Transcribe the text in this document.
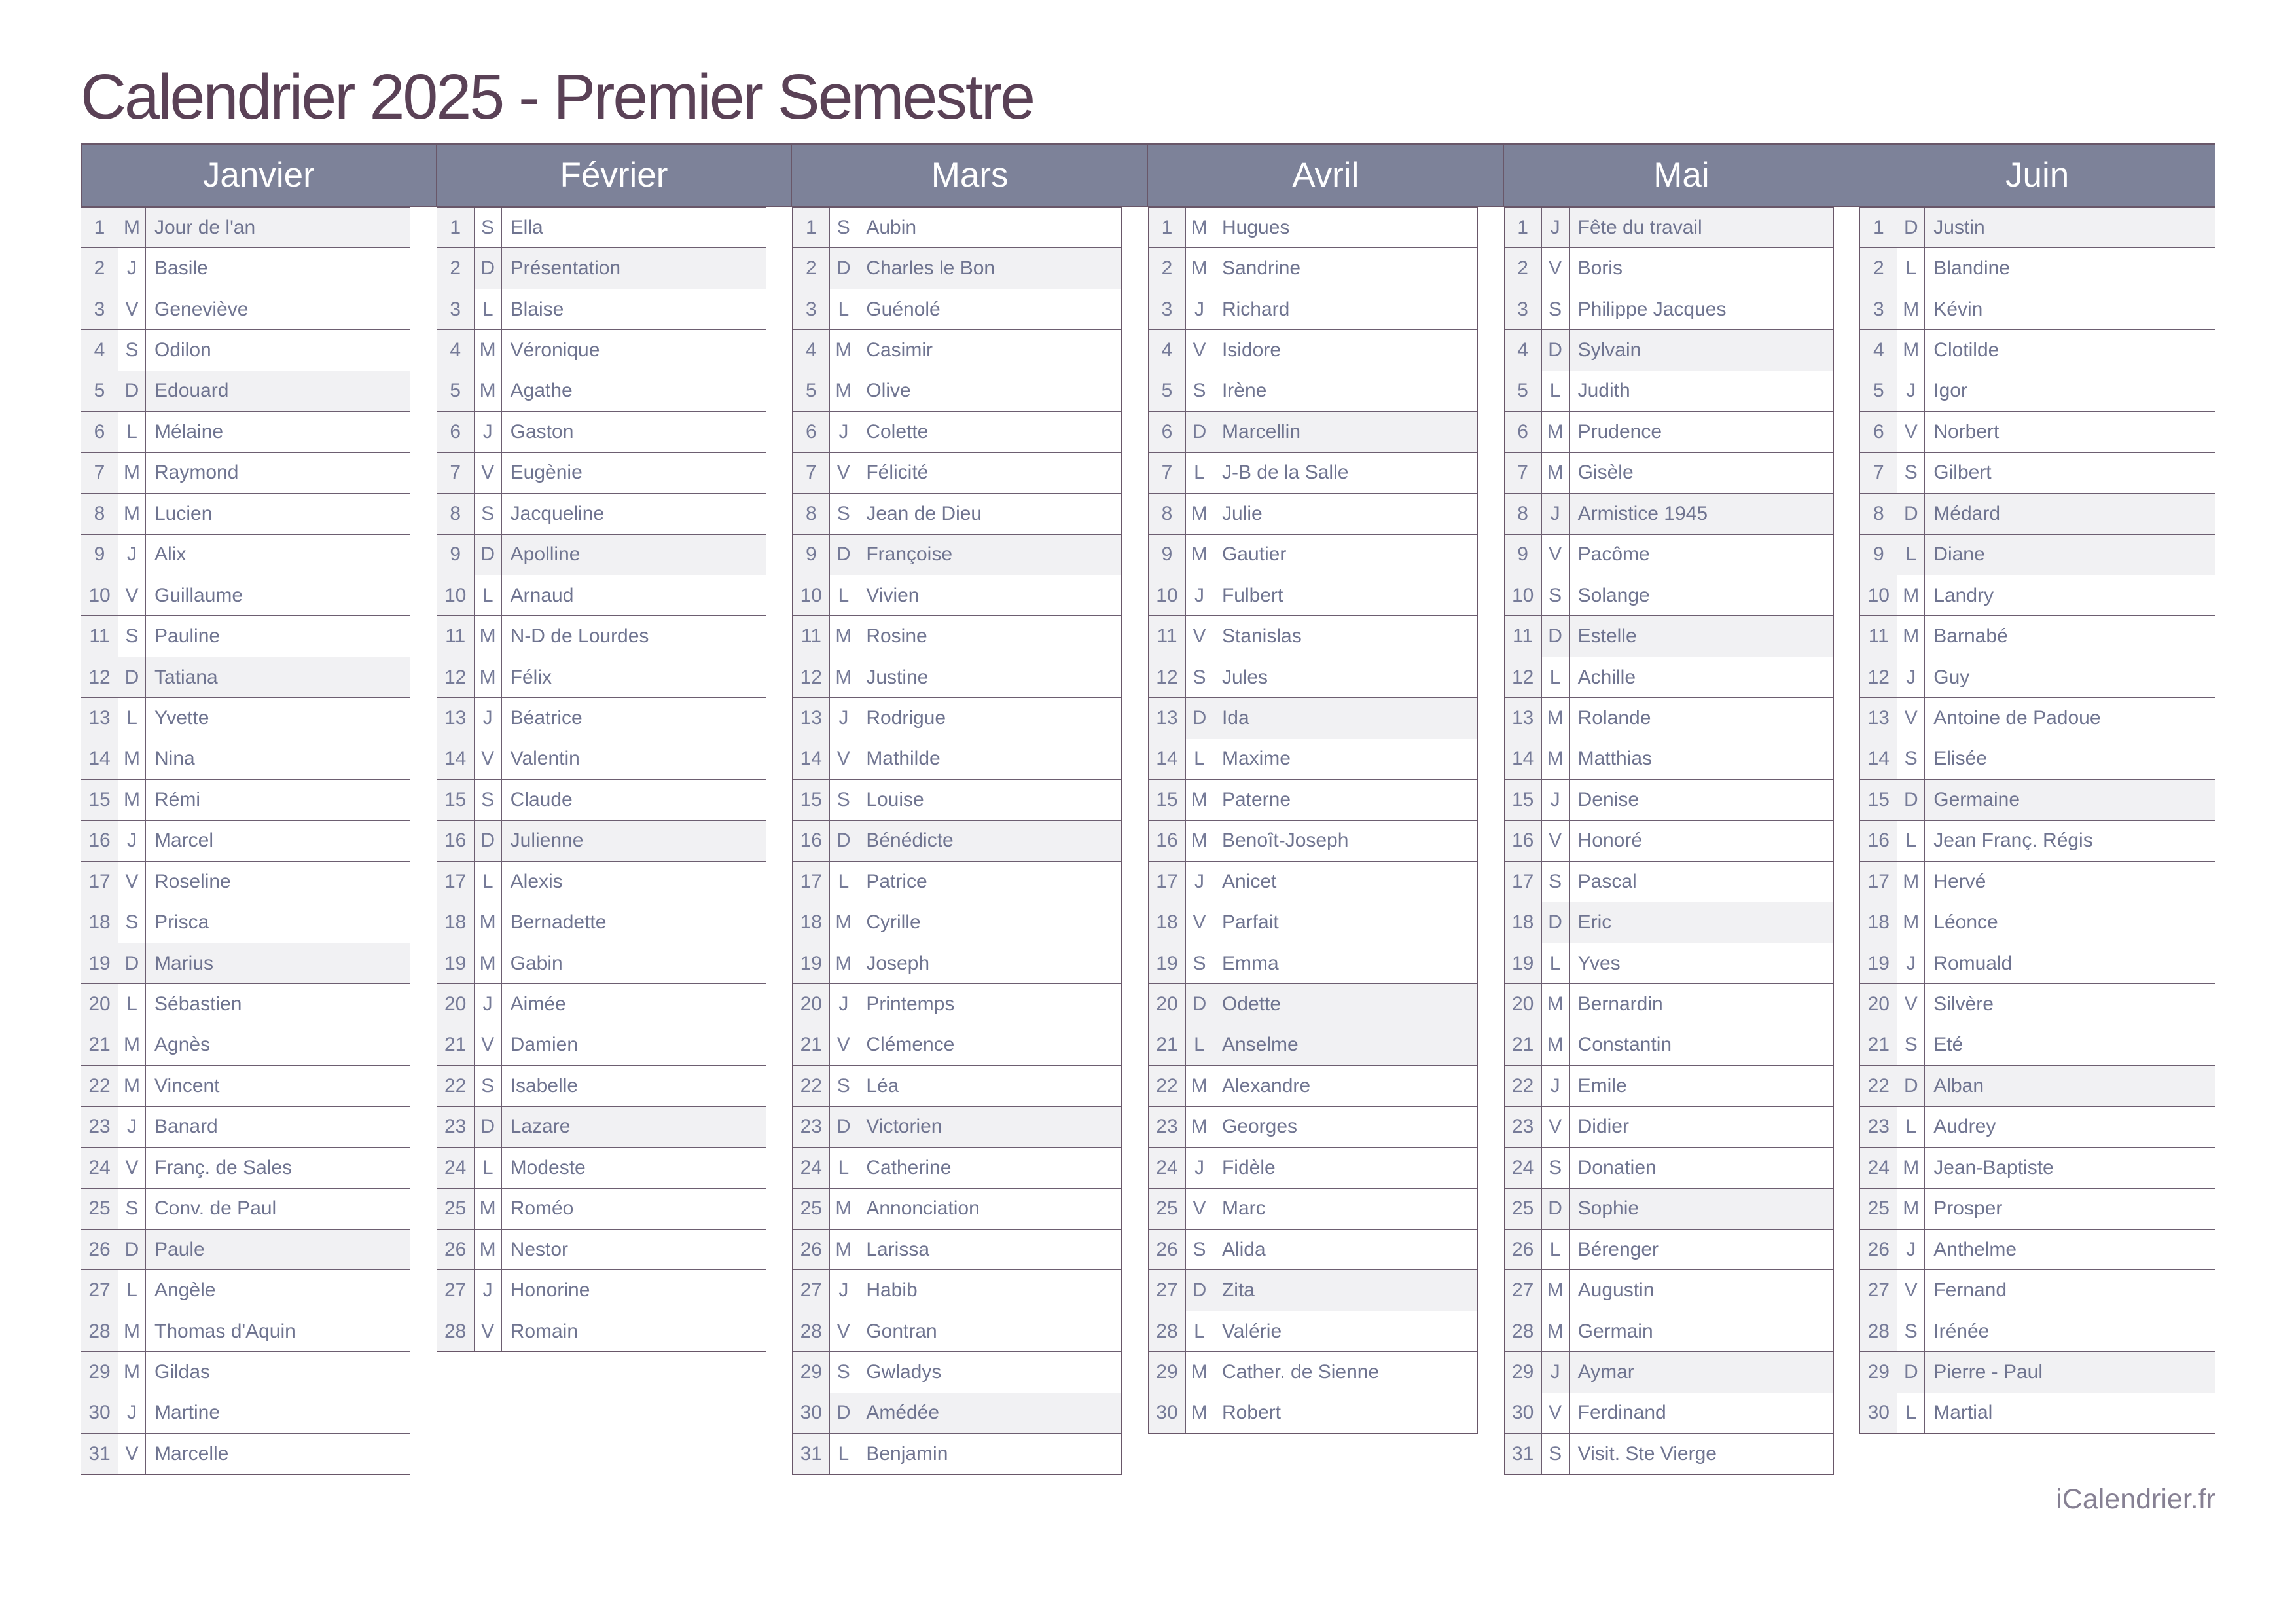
Calendrier 2025 - Premier Semestre
Janvier
1 M Jour de l'an
2	J Basile
3	V Geneviève
4	S Odilon
5	D Edouard
6	L Mélaine
7 M Raymond
8 M Lucien
9	J Alix
10 V Guillaume
11 S Pauline
12 D Tatiana
13 L Yvette
14 M Nina
15 M Rémi
16 J Marcel
17 V Roseline
18 S Prisca
19 D Marius
20 L Sébastien
21 M Agnès
22 M Vincent
23 J Banard
24 V Franç. de Sales
25 S Conv. de Paul
26 D Paule
27 L Angèle
28 M Thomas d'Aquin
29 M Gildas
30 J Martine
31 V Marcelle
Février
1	S Ella
2	D Présentation
3	L Blaise
4 M Véronique
5 M Agathe
6	J Gaston
7	V Eugènie
8	S Jacqueline
9	D Apolline
10 L Arnaud
11 M N-D de Lourdes
12 M Félix
13 J Béatrice
14 V Valentin
15 S Claude
16 D Julienne
17 L Alexis
18 M Bernadette
19 M Gabin
20 J Aimée
21 V Damien
22 S Isabelle
23 D Lazare
24 L Modeste
25 M Roméo
26 M Nestor
27 J Honorine
28 V Romain
Mars
1	S Aubin
2	D Charles le Bon
3	L Guénolé
4 M Casimir
5 M Olive
6	J Colette
7	V Félicité
8	S Jean de Dieu
9	D Françoise
10 L Vivien
11 M Rosine
12 M Justine
13 J Rodrigue
14 V Mathilde
15 S Louise
16 D Bénédicte
17 L Patrice
18 M Cyrille
19 M Joseph
20 J Printemps
21 V Clémence
22 S Léa
23 D Victorien
24 L Catherine
25 M Annonciation
26 M Larissa
27 J Habib
28 V Gontran
29 S Gwladys
30 D Amédée
31 L Benjamin
Avril
1 M Hugues
2 M Sandrine
3	J Richard
4	V Isidore
5	S Irène
6	D Marcellin
7	L J-B de la Salle
8 M Julie
9 M Gautier
10 J Fulbert
11 V Stanislas
12 S Jules
13 D Ida
14 L Maxime
15 M Paterne
16 M Benoît-Joseph
17 J Anicet
18 V Parfait
19 S Emma
20 D Odette
21 L Anselme
22 M Alexandre
23 M Georges
24 J Fidèle
25 V Marc
26 S Alida
27 D Zita
28 L Valérie
29 M Cather. de Sienne
30 M Robert
Mai
1	J Fête du travail
2	V Boris
3	S Philippe Jacques
4	D Sylvain
5	L Judith
6 M Prudence
7 M Gisèle
8	J Armistice 1945
9	V Pacôme
10 S Solange
11 D Estelle
12 L Achille
13 M Rolande
14 M Matthias
15 J Denise
16 V Honoré
17 S Pascal
18 D Eric
19 L Yves
20 M Bernardin
21 M Constantin
22 J Emile
23 V Didier
24 S Donatien
25 D Sophie
26 L Bérenger
27 M Augustin
28 M Germain
29 J Aymar
30 V Ferdinand
31 S Visit. Ste Vierge
Juin
1	D Justin
2	L Blandine
3 M Kévin
4 M Clotilde
5	J Igor
6	V Norbert
7	S Gilbert
8	D Médard
9	L Diane
10 M Landry
11 M Barnabé
12 J Guy
13 V Antoine de Padoue
14 S Elisée
15 D Germaine
16 L Jean Franç. Régis
17 M Hervé
18 M Léonce
19 J Romuald
20 V Silvère
21 S Eté
22 D Alban
23 L Audrey
24 M Jean-Baptiste
25 M Prosper
26 J Anthelme
27 V Fernand
28 S Irénée
29 D Pierre - Paul
30 L Martial
iCalendrier.fr
